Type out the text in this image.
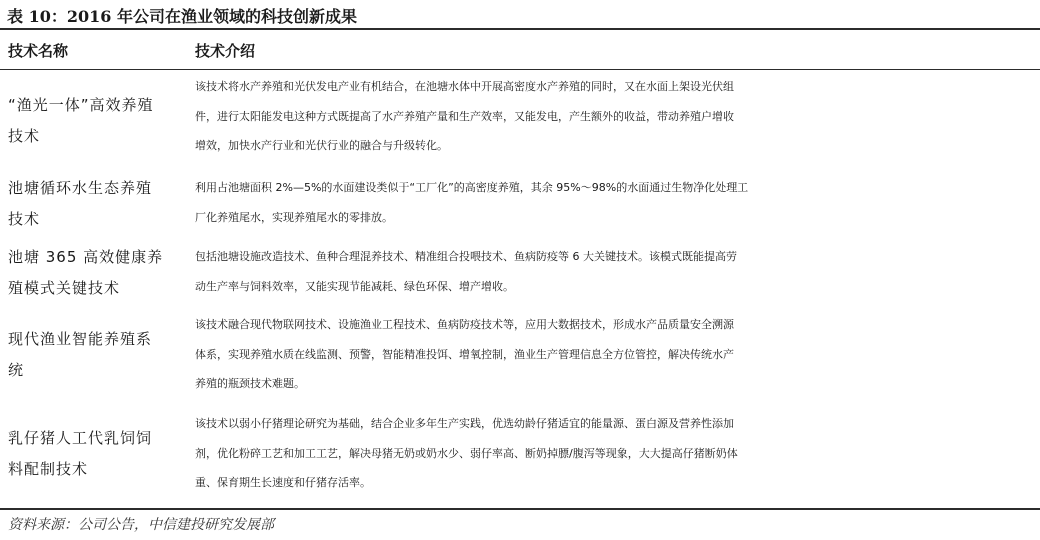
表 10：2016 年公司在渔业领域的科技创新成果
技术名称	技术介绍
“渔光一体”高效养殖
技术
该技术将水产养殖和光伏发电产业有机结合，在池塘水体中开展高密度水产养殖的同时，又在水面上架设光伏组
件，进行太阳能发电这种方式既提高了水产养殖产量和生产效率，又能发电，产生额外的收益，带动养殖户增收
增效，加快水产行业和光伏行业的融合与升级转化。
池塘循环水生态养殖
技术
利用占池塘面积 2%—5%的水面建设类似于“工厂化”的高密度养殖，其余 95%～98%的水面通过生物净化处理工
厂化养殖尾水，实现养殖尾水的零排放。
池塘 365 高效健康养
殖模式关键技术
包括池塘设施改造技术、鱼种合理混养技术、精准组合投喂技术、鱼病防疫等 6 大关键技术。该模式既能提高劳
动生产率与饲料效率，又能实现节能减耗、绿色环保、增产增收。
现代渔业智能养殖系
统
该技术融合现代物联网技术、设施渔业工程技术、鱼病防疫技术等，应用大数据技术，形成水产品质量安全溯源
体系，实现养殖水质在线监测、预警，智能精准投饵、增氧控制，渔业生产管理信息全方位管控，解决传统水产
养殖的瓶颈技术难题。
乳仔猪人工代乳饲饲
料配制技术
该技术以弱小仔猪理论研究为基础，结合企业多年生产实践，优选幼龄仔猪适宜的能量源、蛋白源及营养性添加
剂，优化粉碎工艺和加工工艺，解决母猪无奶或奶水少、弱仔率高、断奶掉膘/腹泻等现象，大大提高仔猪断奶体
重、保育期生长速度和仔猪存活率。
资料来源：公司公告，中信建投研究发展部
